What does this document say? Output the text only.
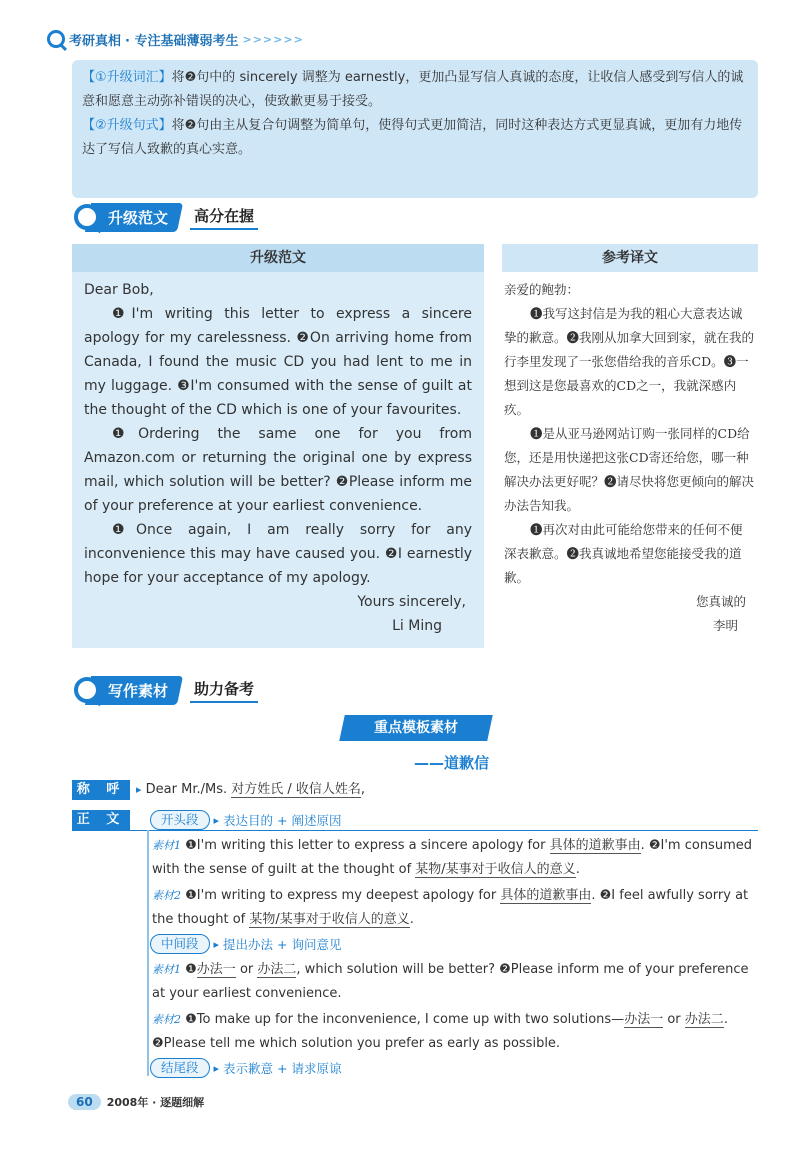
考研真相 · 专注基础薄弱考生 >>>>>>

【①升级词汇】将❷句中的 sincerely 调整为 earnestly，更加凸显写信人真诚的态度，让收信人感受到写信人的诚意和愿意主动弥补错误的决心，使致歉更易于接受。

【②升级句式】将❷句由主从复合句调整为简单句，使得句式更加简洁，同时这种表达方式更显真诚，更加有力地传达了写信人致歉的真心实意。

升级范文	高分在握
升级范文

Dear Bob,

❶I'm writing this letter to express a sincere apology for my carelessness. ❷On arriving home from Canada, I found the music CD you had lent to me in my luggage. ❸I'm consumed with the sense of guilt at the thought of the CD which is one of your favourites.

❶Ordering the same one for you from Amazon.com or returning the original one by express mail, which solution will be better? ❷Please inform me of your preference at your earliest convenience.

❶Once again, I am really sorry for any inconvenience this may have caused you. ❷I earnestly hope for your acceptance of my apology.

Yours sincerely,

Li Ming

参考译文

亲爱的鲍勃：

❶我写这封信是为我的粗心大意表达诚挚的歉意。❷我刚从加拿大回到家，就在我的行李里发现了一张您借给我的音乐CD。❸一想到这是您最喜欢的CD之一，我就深感内疚。

❶是从亚马逊网站订购一张同样的CD给您，还是用快递把这张CD寄还给您，哪一种解决办法更好呢？❷请尽快将您更倾向的解决办法告知我。

❶再次对由此可能给您带来的任何不便深表歉意。❷我真诚地希望您能接受我的道歉。

您真诚的

李明

写作素材	助力备考
重点模板素材
——道歉信
称 呼 ▸ Dear Mr./Ms. 对方姓氏 / 收信人姓名,
正 文	开头段	▸ 表达目的 + 阐述原因
素材1 ❶I'm writing this letter to express a sincere apology for 具体的道歉事由. ❷I'm consumed with the sense of guilt at the thought of 某物/某事对于收信人的意义.
素材2 ❶I'm writing to express my deepest apology for 具体的道歉事由. ❷I feel awfully sorry at the thought of 某物/某事对于收信人的意义.
中间段	▸ 提出办法 + 询问意见
素材1 ❶办法一 or 办法二, which solution will be better? ❷Please inform me of your preference at your earliest convenience.
素材2 ❶To make up for the inconvenience, I come up with two solutions—办法一 or 办法二. ❷Please tell me which solution you prefer as early as possible.
结尾段	▸ 表示歉意 + 请求原谅
60	2008年 · 逐题细解
